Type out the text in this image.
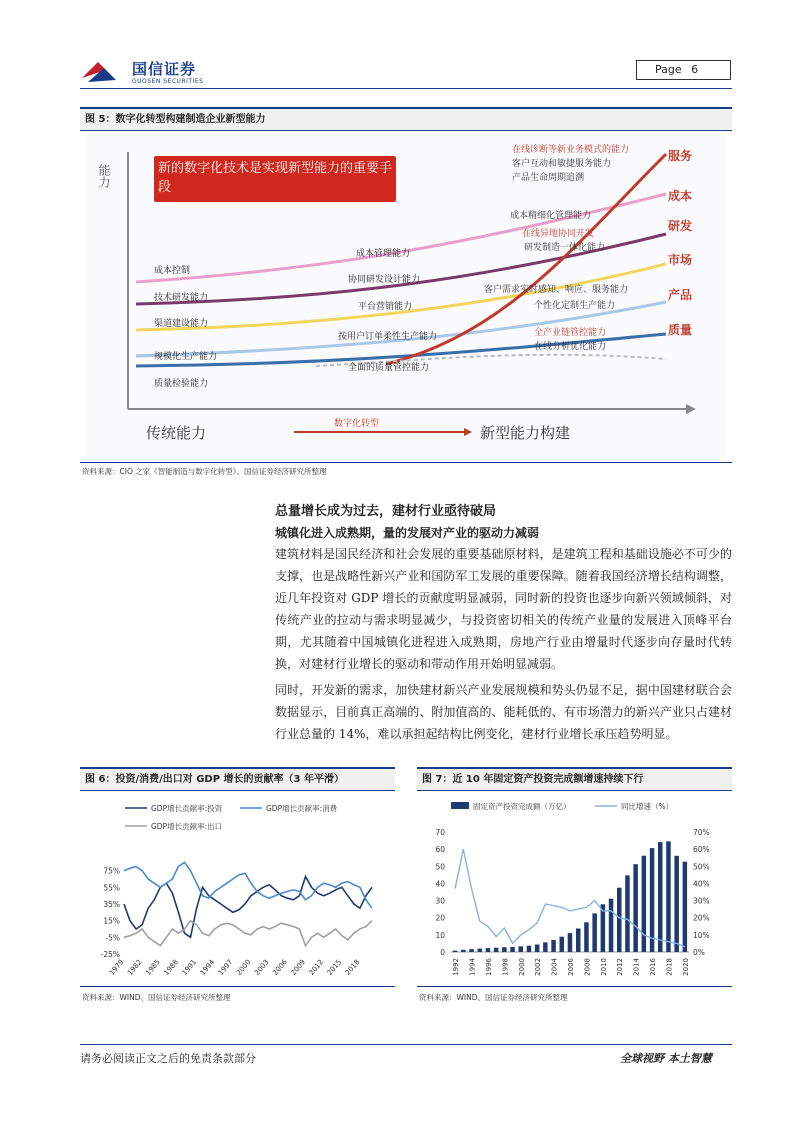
国信证券
GUOSEN SECURITIES
Page 6
图 5：数字化转型构建制造企业新型能力
能力	新的数字化技术是实现新型能力的重要手段
成本控制
技术研发能力
渠道建设能力
规模化生产能力
质量检验能力
成本管理能力
协同研发设计能力
平台营销能力
按用户订单柔性生产能力
全面的质量管控能力
在线诊断等新业务模式的能力
客户互动和敏捷服务能力
产品生命周期追溯
成本精细化管理能力
在线异地协同开发
研发制造一体化能力
客户需求实时感知、响应、服务能力
个性化定制生产能力
全产业链管控能力
在线分析优化能力
服务
成本
研发
市场
产品
质量
传统能力	新型能力构建
数字化转型
资料来源：CIO 之家《智能制造与数字化转型》、国信证券经济研究所整理
总量增长成为过去，建材行业亟待破局
城镇化进入成熟期，量的发展对产业的驱动力减弱
建筑材料是国民经济和社会发展的重要基础原材料，是建筑工程和基础设施必不可少的支撑，也是战略性新兴产业和国防军工发展的重要保障。随着我国经济增长结构调整，近几年投资对 GDP 增长的贡献度明显减弱，同时新的投资也逐步向新兴领域倾斜，对传统产业的拉动与需求明显减少，与投资密切相关的传统产业量的发展进入顶峰平台期，尤其随着中国城镇化进程进入成熟期，房地产行业由增量时代逐步向存量时代转换，对建材行业增长的驱动和带动作用开始明显减弱。
同时，开发新的需求，加快建材新兴产业发展规模和势头仍显不足，据中国建材联合会数据显示，目前真正高端的、附加值高的、能耗低的、有市场潜力的新兴产业只占建材行业总量的 14%，难以承担起结构比例变化，建材行业增长承压趋势明显。
图 6：投资/消费/出口对 GDP 增长的贡献率（3 年平滑）
GDP增长贡献率:投资	GDP增长贡献率:消费
GDP增长贡献率:出口
75%
55%
35%
15%
-5%
-25%
1979 1982 1985 1988 1991 1994 1997 2000 2003 2006 2009 2012 2015 2018
资料来源：WIND、国信证券经济研究所整理
图 7：近 10 年固定资产投资完成额增速持续下行
固定资产投资完成额（万亿）	同比增速（%）
70
60
50
40
30
20
10
0
70%
60%
50%
40%
30%
20%
10%
0%
1992 1994 1996 1998 2000 2002 2004 2006 2008 2010 2012 2014 2016 2018 2020
资料来源：WIND、国信证券经济研究所整理
请务必阅读正文之后的免责条款部分	全球视野 本土智慧
